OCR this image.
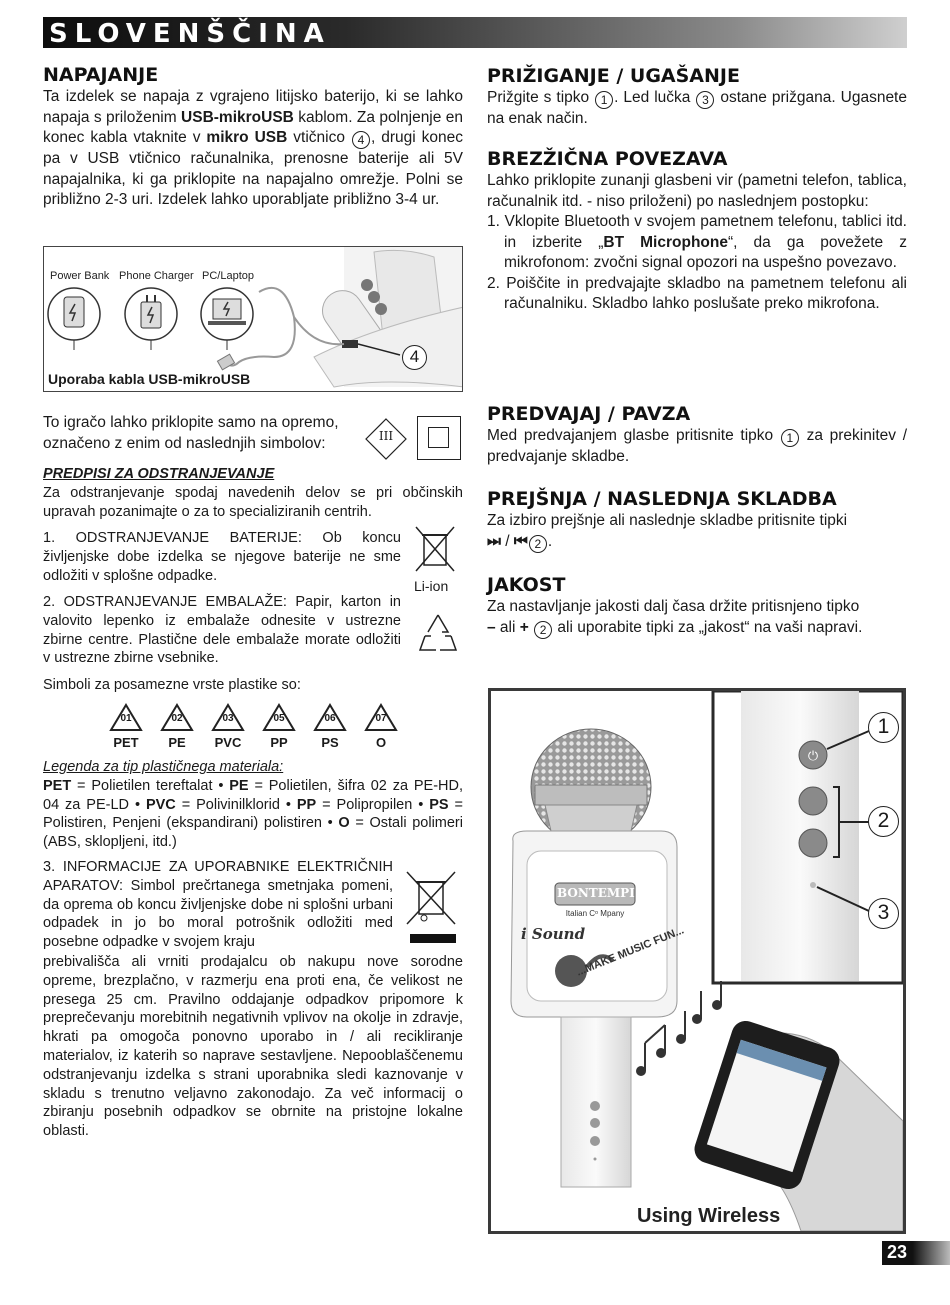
SLOVENŠČINA
NAPAJANJE

Ta izdelek se napaja z vgrajeno litijsko baterijo, ki se lahko napaja s priloženim USB-mikroUSB kablom. Za polnjenje en konec kabla vtaknite v mikro USB vtičnico 4 , drugi konec pa v USB vtičnico računalnika, prenosne baterije ali 5V napajalnika, ki ga priklopite na napajalno omrežje. Polni se približno 2-3 uri. Izdelek lahko uporabljate približno 3-4 ur.

Power Bank Phone Charger PC/Laptop
4
Uporaba kabla USB-mikroUSB

To igračo lahko priklopite samo na opremo, označeno z enim od naslednjih simbolov:	III

PREDPISI ZA ODSTRANJEVANJE

Za odstranjevanje spodaj navedenih delov se pri občinskih upravah pozanimajte o za to specializiranih centrih.

1. ODSTRANJEVANJE BATERIJE: Ob koncu življenjske dobe izdelka se njegove baterije ne sme odložiti v splošne odpadke.

Li-ion

2. ODSTRANJEVANJE EMBALAŽE: Papir, karton in valovito lepenko iz embalaže odnesite v ustrezne zbirne centre. Plastične dele embalaže morate odložiti v ustrezne zbirne vsebnike.

Simboli za posamezne vrste plastike so:

01
PET
02
PE
03
PVC
05
PP
06
PS
07
O

Legenda za tip plastičnega materiala:

PET = Polietilen tereftalat • PE = Polietilen, šifra 02 za PE-HD, 04 za PE-LD • PVC = Polivinilklorid • PP = Polipropilen • PS = Polistiren, Penjeni (ekspandirani) polistiren • O = Ostali polimeri (ABS, sklopljeni, itd.)

3. INFORMACIJE ZA UPORABNIKE ELEKTRIČNIH APARATOV: Simbol prečrtanega smetnjaka pomeni, da oprema ob koncu življenjske dobe ni splošni urbani odpadek in jo bo moral potrošnik odložiti med posebne odpadke v svojem kraju

prebivališča ali vrniti prodajalcu ob nakupu nove sorodne opreme, brezplačno, v razmerju ena proti ena, če velikost ne presega 25 cm. Pravilno oddajanje odpadkov pripomore k preprečevanju morebitnih negativnih vplivov na okolje in zdravje, hkrati pa omogoča ponovno uporabo in / ali recikliranje materialov, iz katerih so naprave sestavljene. Nepooblaščenemu odstranjevanju izdelka s strani uporabnika sledi kaznovanje v skladu s trenutno veljavno zakonodajo. Za več informacij o zbiranju posebnih odpadkov se obrnite na pristojne lokalne oblasti.

PRIŽIGANJE / UGAŠANJE

Prižgite s tipko 1 . Led lučka 3 ostane prižgana. Ugasnete na enak način.

BREZŽIČNA POVEZAVA

Lahko priklopite zunanji glasbeni vir (pametni telefon, tablica, računalnik itd. - niso priloženi) po naslednjem postopku:

1. Vklopite Bluetooth v svojem pametnem telefonu, tablici itd. in izberite „BT Microphone“, da ga povežete z mikrofonom: zvočni signal opozori na uspešno povezavo.

2. Poiščite in predvajajte skladbo na pametnem telefonu ali računalniku. Skladbo lahko poslušate preko mikrofona.

PREDVAJAJ / PAVZA

Med predvajanjem glasbe pritisnite tipko 1 za prekinitev / predvajanje skladbe.

PREJŠNJA / NASLEDNJA SKLADBA

Za izbiro prejšnje ali naslednje skladbe pritisnite tipki

⏭ / ⏮ 2 .

JAKOST

Za nastavljanje jakosti dalj časa držite pritisnjeno tipko

– ali + 2 ali uporabite tipki za „jakost“ na vaši napravi.

⏻
1
2
3
BONTEMPI
Italian Cᵒ Mpany
i Sound
...MAKE MUSIC FUN...
Using Wireless
23
